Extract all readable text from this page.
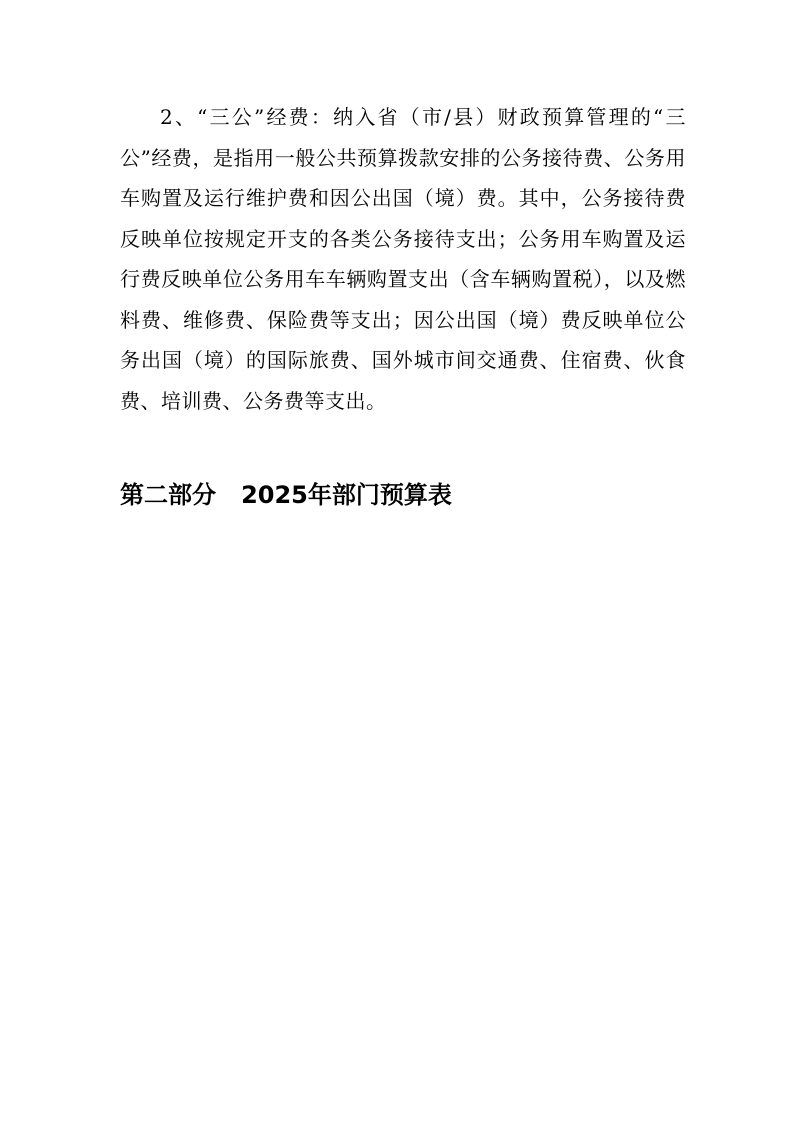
2、“三公”经费：纳入省（市/县）财政预算管理的“三公”经费，是指用一般公共预算拨款安排的公务接待费、公务用车购置及运行维护费和因公出国（境）费。其中，公务接待费反映单位按规定开支的各类公务接待支出；公务用车购置及运行费反映单位公务用车车辆购置支出（含车辆购置税），以及燃料费、维修费、保险费等支出；因公出国（境）费反映单位公务出国（境）的国际旅费、国外城市间交通费、住宿费、伙食费、培训费、公务费等支出。

第二部分   2025年部门预算表
